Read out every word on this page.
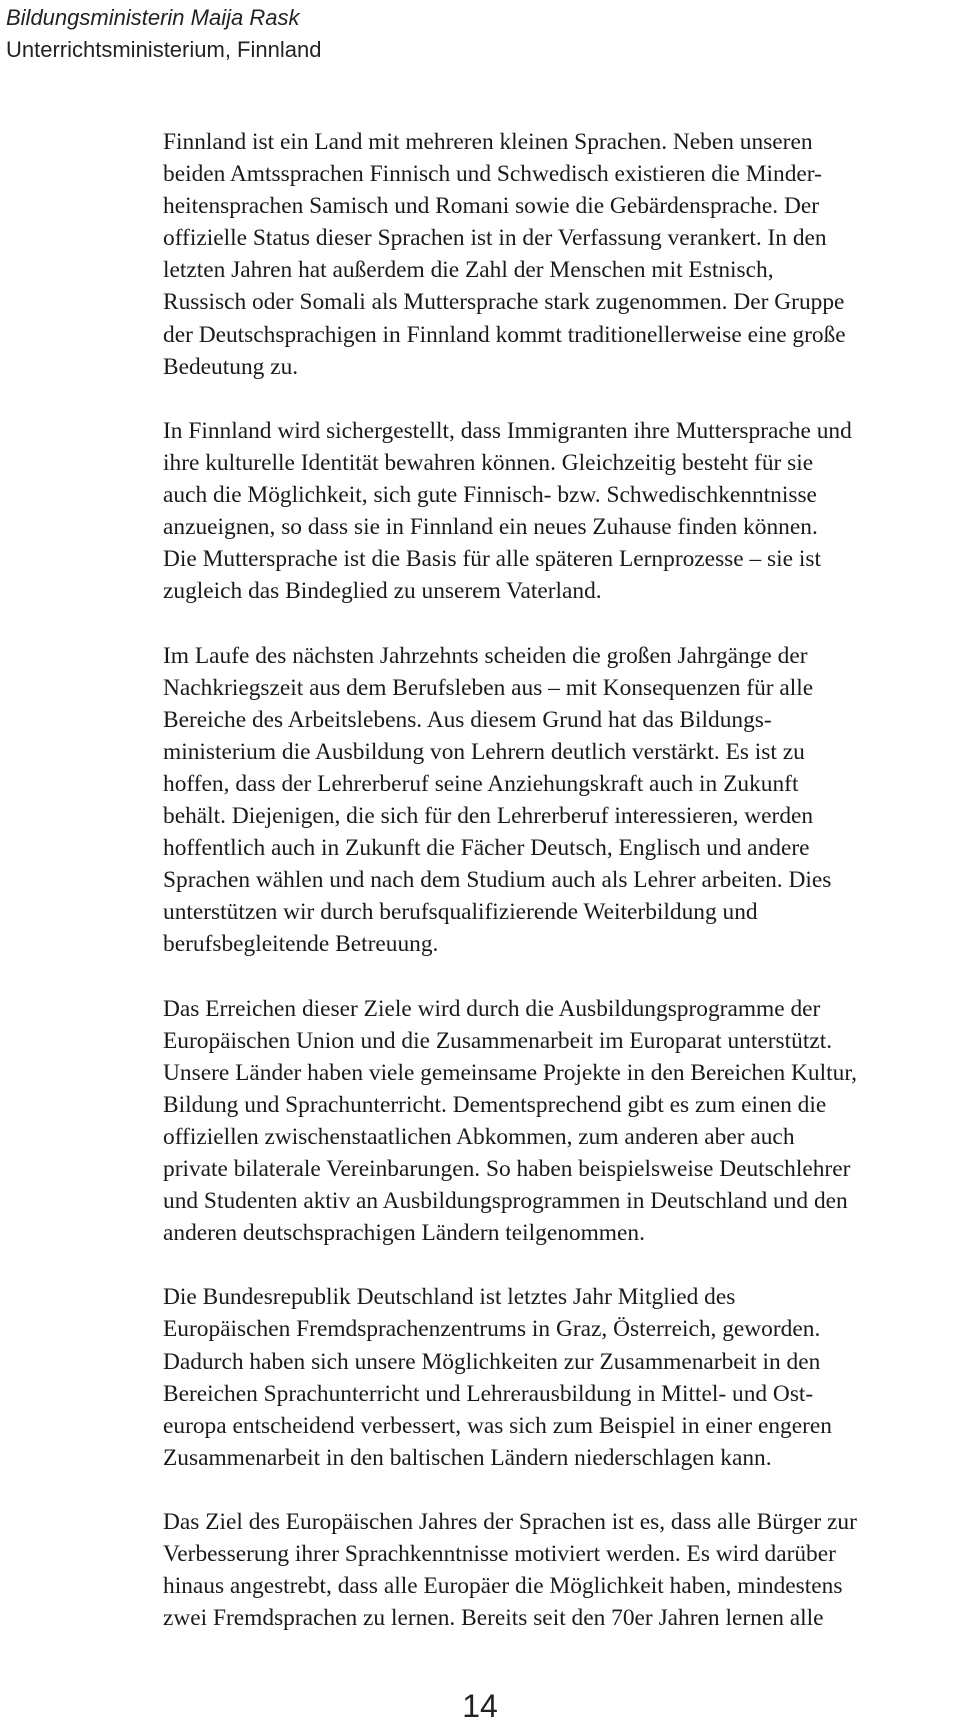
Bildungsministerin Maija Rask
Unterrichtsministerium, Finnland

Finnland ist ein Land mit mehreren kleinen Sprachen. Neben unseren
beiden Amtssprachen Finnisch und Schwedisch existieren die Minder-
heitensprachen Samisch und Romani sowie die Gebärdensprache. Der
offizielle Status dieser Sprachen ist in der Verfassung verankert. In den
letzten Jahren hat außerdem die Zahl der Menschen mit Estnisch,
Russisch oder Somali als Muttersprache stark zugenommen. Der Gruppe
der Deutschsprachigen in Finnland kommt traditionellerweise eine große
Bedeutung zu.

In Finnland wird sichergestellt, dass Immigranten ihre Muttersprache und
ihre kulturelle Identität bewahren können. Gleichzeitig besteht für sie
auch die Möglichkeit, sich gute Finnisch- bzw. Schwedischkenntnisse
anzueignen, so dass sie in Finnland ein neues Zuhause finden können.
Die Muttersprache ist die Basis für alle späteren Lernprozesse – sie ist
zugleich das Bindeglied zu unserem Vaterland.

Im Laufe des nächsten Jahrzehnts scheiden die großen Jahrgänge der
Nachkriegszeit aus dem Berufsleben aus – mit Konsequenzen für alle
Bereiche des Arbeitslebens. Aus diesem Grund hat das Bildungs-
ministerium die Ausbildung von Lehrern deutlich verstärkt. Es ist zu
hoffen, dass der Lehrerberuf seine Anziehungskraft auch in Zukunft
behält. Diejenigen, die sich für den Lehrerberuf interessieren, werden
hoffentlich auch in Zukunft die Fächer Deutsch, Englisch und andere
Sprachen wählen und nach dem Studium auch als Lehrer arbeiten. Dies
unterstützen wir durch berufsqualifizierende Weiterbildung und
berufsbegleitende Betreuung.

Das Erreichen dieser Ziele wird durch die Ausbildungsprogramme der
Europäischen Union und die Zusammenarbeit im Europarat unterstützt.
Unsere Länder haben viele gemeinsame Projekte in den Bereichen Kultur,
Bildung und Sprachunterricht. Dementsprechend gibt es zum einen die
offiziellen zwischenstaatlichen Abkommen, zum anderen aber auch
private bilaterale Vereinbarungen. So haben beispielsweise Deutschlehrer
und Studenten aktiv an Ausbildungsprogrammen in Deutschland und den
anderen deutschsprachigen Ländern teilgenommen.

Die Bundesrepublik Deutschland ist letztes Jahr Mitglied des
Europäischen Fremdsprachenzentrums in Graz, Österreich, geworden.
Dadurch haben sich unsere Möglichkeiten zur Zusammenarbeit in den
Bereichen Sprachunterricht und Lehrerausbildung in Mittel- und Ost-
europa entscheidend verbessert, was sich zum Beispiel in einer engeren
Zusammenarbeit in den baltischen Ländern niederschlagen kann.

Das Ziel des Europäischen Jahres der Sprachen ist es, dass alle Bürger zur
Verbesserung ihrer Sprachkenntnisse motiviert werden. Es wird darüber
hinaus angestrebt, dass alle Europäer die Möglichkeit haben, mindestens
zwei Fremdsprachen zu lernen. Bereits seit den 70er Jahren lernen alle

14
